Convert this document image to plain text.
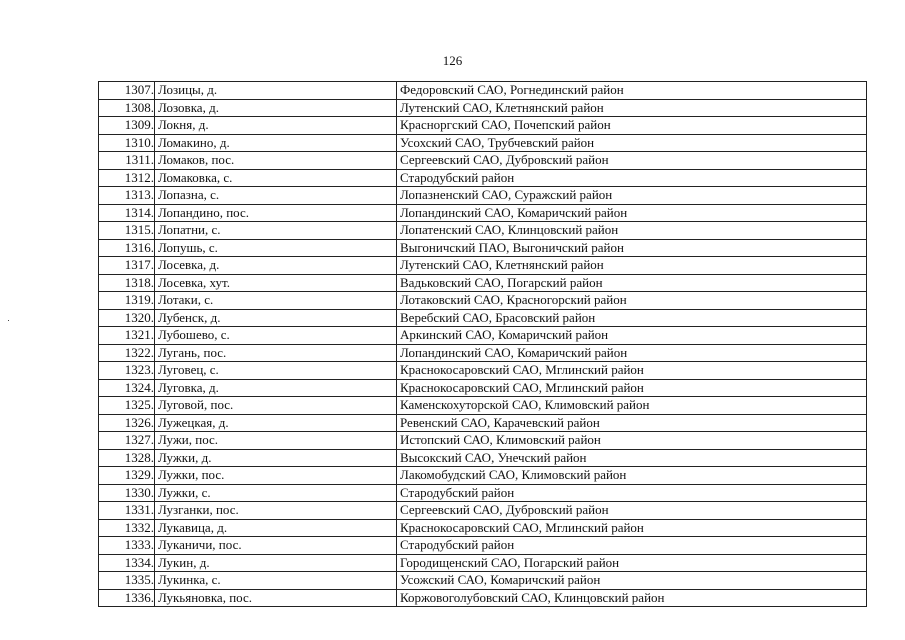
126
1307.	Лозицы, д.	Федоровский САО, Рогнединский район
1308.	Лозовка, д.	Лутенский САО, Клетнянский район
1309.	Локня, д.	Красноргский САО, Почепский район
1310.	Ломакино, д.	Усохский САО, Трубчевский район
1311.	Ломаков, пос.	Сергеевский САО, Дубровский район
1312.	Ломаковка, с.	Стародубский район
1313.	Лопазна, с.	Лопазненский САО, Суражский район
1314.	Лопандино, пос.	Лопандинский САО, Комаричский район
1315.	Лопатни, с.	Лопатенский САО, Клинцовский район
1316.	Лопушь, с.	Выгоничский ПАО, Выгоничский район
1317.	Лосевка, д.	Лутенский САО, Клетнянский район
1318.	Лосевка, хут.	Вадьковский САО, Погарский район
1319.	Лотаки, с.	Лотаковский САО, Красногорский район
1320.	Лубенск, д.	Веребский САО, Брасовский район
1321.	Лубошево, с.	Аркинский САО, Комаричский район
1322.	Лугань, пос.	Лопандинский САО, Комаричский район
1323.	Луговец, с.	Краснокосаровский САО, Мглинский район
1324.	Луговка, д.	Краснокосаровский САО, Мглинский район
1325.	Луговой, пос.	Каменскохуторской САО, Климовский район
1326.	Лужецкая, д.	Ревенский САО, Карачевский район
1327.	Лужи, пос.	Истопский САО, Климовский район
1328.	Лужки, д.	Высокский САО, Унечский район
1329.	Лужки, пос.	Лакомобудский САО, Климовский район
1330.	Лужки, с.	Стародубский район
1331.	Лузганки, пос.	Сергеевский САО, Дубровский район
1332.	Лукавица, д.	Краснокосаровский САО, Мглинский район
1333.	Луканичи, пос.	Стародубский район
1334.	Лукин, д.	Городищенский САО, Погарский район
1335.	Лукинка, с.	Усожский САО, Комаричский район
1336.	Лукьяновка, пос.	Коржовоголубовский САО, Клинцовский район
